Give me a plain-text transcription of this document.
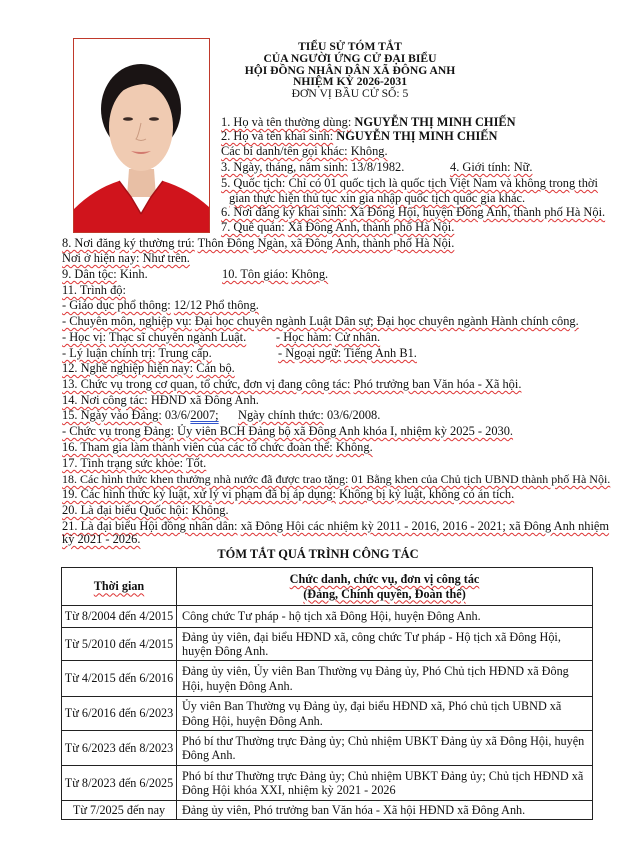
TIỂU SỬ TÓM TẮT
CỦA NGƯỜI ỨNG CỬ ĐẠI BIỂU
HỘI ĐỒNG NHÂN DÂN XÃ ĐÔNG ANH
NHIỆM KỲ 2026-2031
ĐƠN VỊ BẦU CỬ SỐ: 5
1. Họ và tên thường dùng: NGUYỄN THỊ MINH CHIẾN
2. Họ và tên khai sinh: NGUYỄN THỊ MINH CHIẾN
Các bí danh/tên gọi khác: Không.
3. Ngày, tháng, năm sinh: 13/8/1982.	4. Giới tính: Nữ.
5. Quốc tịch: Chỉ có 01 quốc tịch là quốc tịch Việt Nam và không trong thời
gian thực hiện thủ tục xin gia nhập quốc tịch quốc gia khác.
6. Nơi đăng ký khai sinh: Xã Đông Hội, huyện Đông Anh, thành phố Hà Nội.
7. Quê quán: Xã Đông Anh, thành phố Hà Nội.
8. Nơi đăng ký thường trú: Thôn Đông Ngàn, xã Đông Anh, thành phố Hà Nội.
Nơi ở hiện nay: Như trên.
9. Dân tộc: Kinh.	10. Tôn giáo: Không.
11. Trình độ:
- Giáo dục phổ thông: 12/12 Phổ thông.
- Chuyên môn, nghiệp vụ: Đại học chuyên ngành Luật Dân sự; Đại học chuyên ngành Hành chính công.
- Học vị: Thạc sĩ chuyên ngành Luật. - Học hàm: Cử nhân.
- Lý luận chính trị: Trung cấp.	- Ngoại ngữ: Tiếng Anh B1.
12. Nghề nghiệp hiện nay: Cán bộ.
13. Chức vụ trong cơ quan, tổ chức, đơn vị đang công tác: Phó trưởng ban Văn hóa - Xã hội.
14. Nơi công tác: HĐND xã Đông Anh.
15. Ngày vào Đảng: 03/6/2007; Ngày chính thức: 03/6/2008.
- Chức vụ trong Đảng: Ủy viên BCH Đảng bộ xã Đông Anh khóa I, nhiệm kỳ 2025 - 2030.
16. Tham gia làm thành viên của các tổ chức đoàn thể: Không.
17. Tình trạng sức khỏe: Tốt.
18. Các hình thức khen thưởng nhà nước đã được trao tặng: 01 Bằng khen của Chủ tịch UBND thành phố Hà Nội.
19. Các hình thức kỷ luật, xử lý vi phạm đã bị áp dụng: Không bị kỷ luật, không có án tích.
20. Là đại biểu Quốc hội: Không.
21. Là đại biểu Hội đồng nhân dân: xã Đông Hội các nhiệm kỳ 2011 - 2016, 2016 - 2021; xã Đông Anh nhiệm
kỳ 2021 - 2026.
TÓM TẮT QUÁ TRÌNH CÔNG TÁC
Thời gian	Chức danh, chức vụ, đơn vị công tác
(Đảng, Chính quyền, Đoàn thể)

Từ 8/2004 đến 4/2015	Công chức Tư pháp - hộ tịch xã Đông Hội, huyện Đông Anh.
Từ 5/2010 đến 4/2015	Đảng ủy viên, đại biểu HĐND xã, công chức Tư pháp - Hộ tịch xã Đông Hội, huyện Đông Anh.
Từ 4/2015 đến 6/2016	Đảng ủy viên, Ủy viên Ban Thường vụ Đảng ủy, Phó Chủ tịch HĐND xã Đông Hội, huyện Đông Anh.
Từ 6/2016 đến 6/2023	Ủy viên Ban Thường vụ Đảng ủy, đại biểu HĐND xã, Phó chủ tịch UBND xã Đông Hội, huyện Đông Anh.
Từ 6/2023 đến 8/2023	Phó bí thư Thường trực Đảng ủy; Chủ nhiệm UBKT Đảng ủy xã Đông Hội, huyện Đông Anh.
Từ 8/2023 đến 6/2025	Phó bí thư Thường trực Đảng ủy; Chủ nhiệm UBKT Đảng ủy; Chủ tịch HĐND xã Đông Hội khóa XXI, nhiệm kỳ 2021 - 2026
Từ 7/2025 đến nay	Đảng ủy viên, Phó trưởng ban Văn hóa - Xã hội HĐND xã Đông Anh.
